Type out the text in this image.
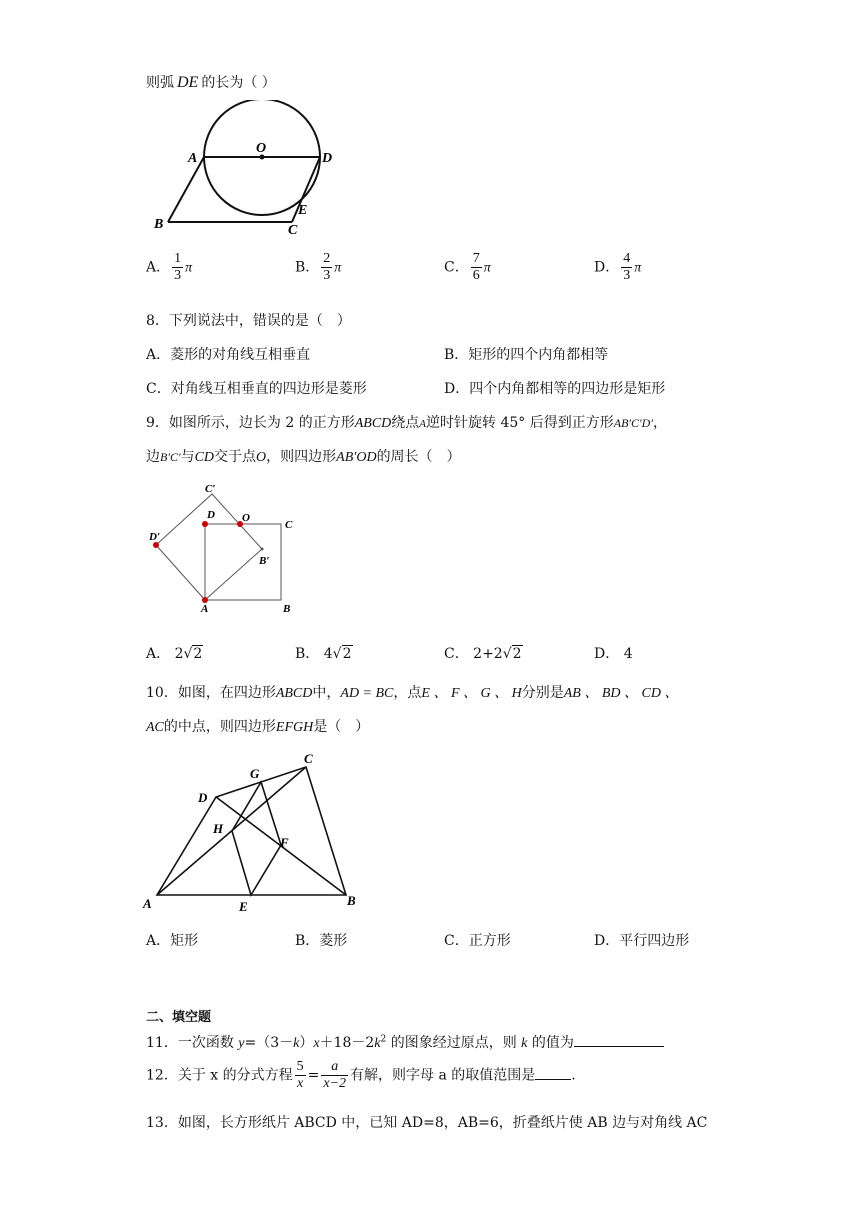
则弧 DE 的长为（ ）
O
A	D
B	C
E
A． $\frac{1}{3}$ π	B． $\frac{2}{3}$ π	C． $\frac{7}{6}$ π	D． $\frac{4}{3}$ π
8．下列说法中，错误的是（　）
A．菱形的对角线互相垂直	B．矩形的四个内角都相等
C．对角线互相垂直的四边形是菱形	D．四个内角都相等的四边形是矩形
9．如图所示，边长为 2 的正方形ABCD绕点A逆时针旋转 45° 后得到正方形AB′C′D′，
边B′C′与CD交于点O，则四边形AB′OD的周长（　）
C′
D O
C
D′
B′
A	B
A． 2√2	B． 4√2	C． 2+2√2	D． 4
10．如图，在四边形ABCD中，AD = BC，点E 、 F 、 G 、 H分别是AB 、 BD 、 CD 、
AC的中点，则四边形EFGH是（　）
C
G
D
H
F
A	E	B
A．矩形	B．菱形	C．正方形	D．平行四边形
二、填空题
11．一次函数 $y=(3-k)x+18-2k^2$ 的图象经过原点，则 k 的值为
12．关于 x 的分式方程 $\frac{5}{x} = \frac{a}{x-2}$ 有解，则字母 a 的取值范围是	.
13．如图，长方形纸片 ABCD 中，已知 AD=8，AB=6，折叠纸片使 AB 边与对角线 AC
